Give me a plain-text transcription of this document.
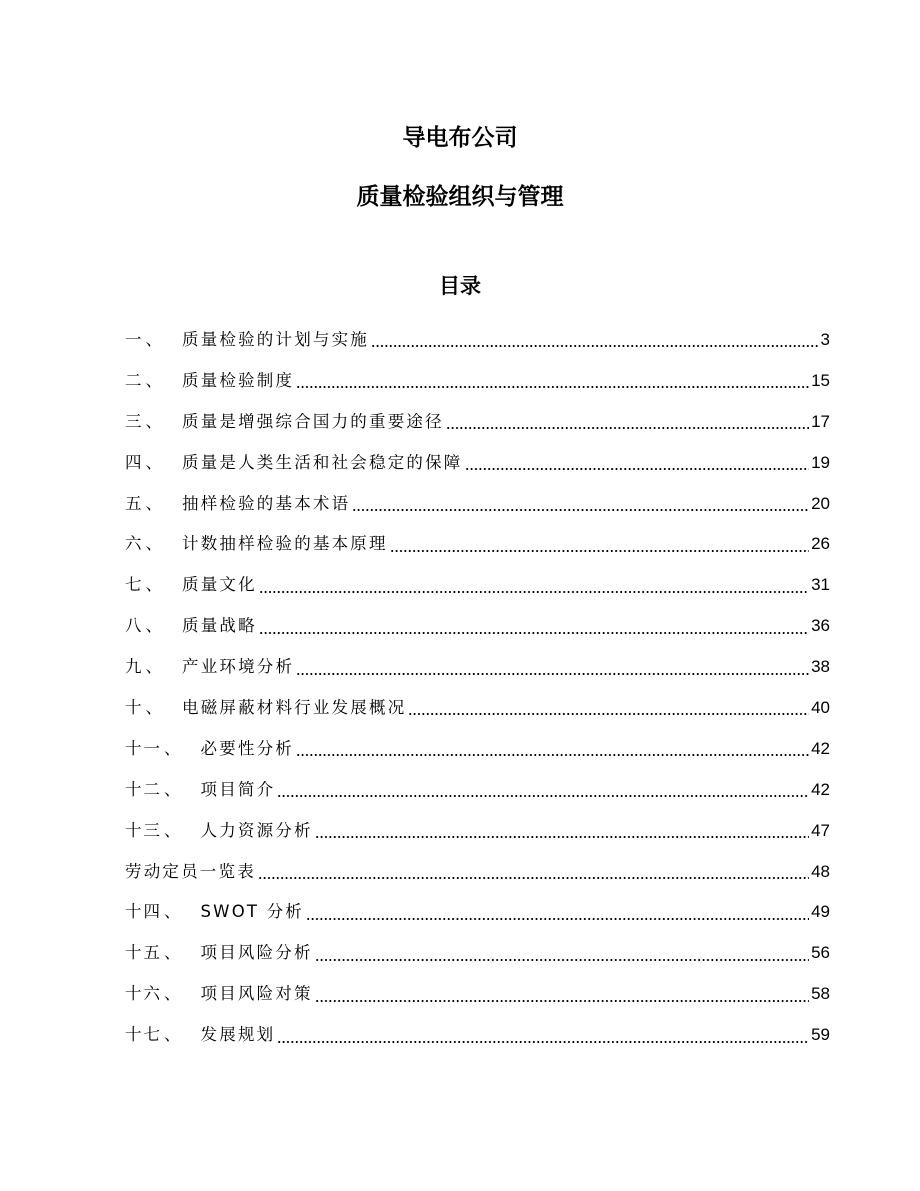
导电布公司
质量检验组织与管理
目录
一 、 质量检验的计划与实施	3
二 、 质量检验制度	15
三 、 质量是增强综合国力的重要途径	17
四 、 质量是人类生活和社会稳定的保障	19
五 、 抽样检验的基本术语	20
六 、 计数抽样检验的基本原理	26
七 、 质量文化	31
八 、 质量战略	36
九 、 产业环境分析	38
十 、 电磁屏蔽材料行业发展概况	40
十一 、 必要性分析	42
十二 、 项目简介	42
十三 、 人力资源分析	47
劳动定员一览表	48
十四 、 SWOT 分析	49
十五 、 项目风险分析	56
十六 、 项目风险对策	58
十七 、 发展规划	59
